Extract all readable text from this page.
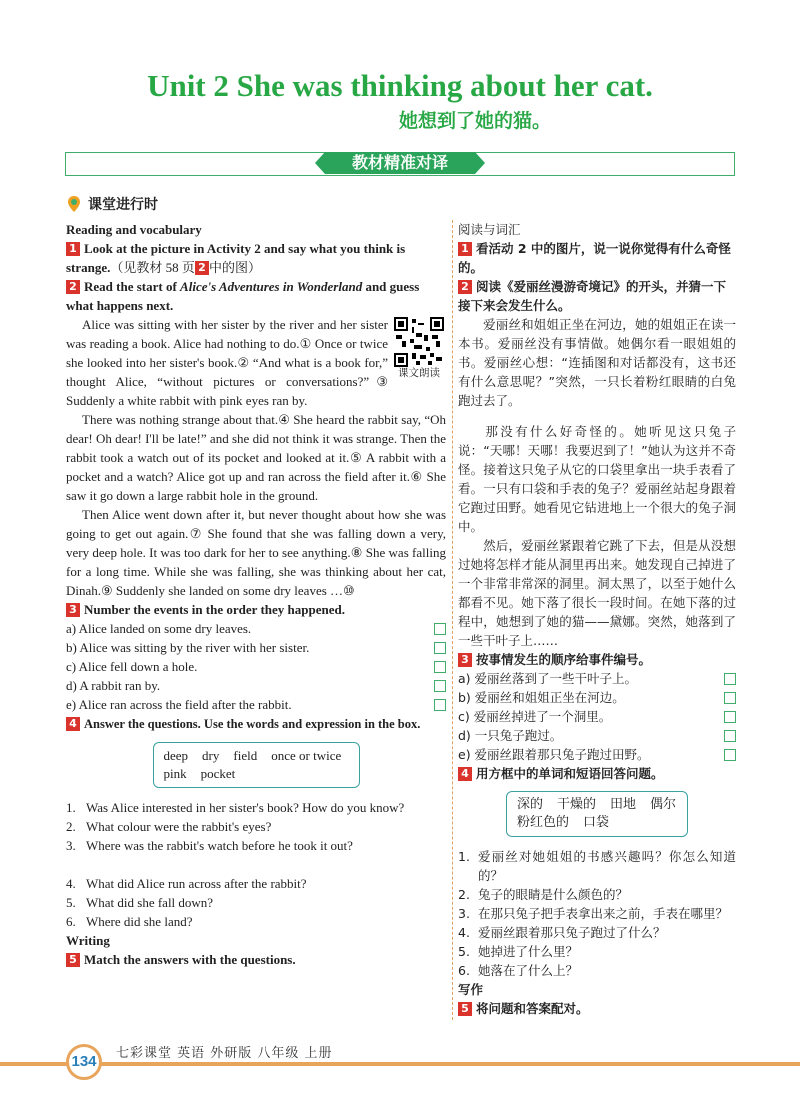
Unit 2 She was thinking about her cat.
她想到了她的猫。
教材精准对译
课堂进行时
Reading and vocabulary
1 Look at the picture in Activity 2 and say what you think is strange.（见教材 58 页 2 中的图）
2 Read the start of Alice's Adventures in Wonderland and guess what happens next.
课文朗读

Alice was sitting with her sister by the river and her sister was reading a book. Alice had nothing to do.① Once or twice she looked into her sister's book.② “And what is a book for,” thought Alice, “without pictures or conversations?”③ Suddenly a white rabbit with pink eyes ran by.

There was nothing strange about that.④ She heard the rabbit say, “Oh dear! Oh dear! I'll be late!” and she did not think it was strange. Then the rabbit took a watch out of its pocket and looked at it.⑤ A rabbit with a pocket and a watch? Alice got up and ran across the field after it.⑥ She saw it go down a large rabbit hole in the ground.

Then Alice went down after it, but never thought about how she was going to get out again.⑦ She found that she was falling down a very, very deep hole. It was too dark for her to see anything.⑧ She was falling for a long time. While she was falling, she was thinking about her cat, Dinah.⑨ Suddenly she landed on some dry leaves …⑩

3 Number the events in the order they happened.
a) Alice landed on some dry leaves.
b) Alice was sitting by the river with her sister.
c) Alice fell down a hole.
d) A rabbit ran by.
e) Alice ran across the field after the rabbit.
4 Answer the questions. Use the words and expression in the box.
deep dry field once or twice
pink pocket
1. Was Alice interested in her sister's book? How do you know?
2. What colour were the rabbit's eyes?
3. Where was the rabbit's watch before he took it out?
4. What did Alice run across after the rabbit?
5. What did she fall down?
6. Where did she land?
Writing
5 Match the answers with the questions.
阅读与词汇
1 看活动 2 中的图片，说一说你觉得有什么奇怪的。
2 阅读《爱丽丝漫游奇境记》的开头，并猜一下接下来会发生什么。

爱丽丝和姐姐正坐在河边，她的姐姐正在读一本书。爱丽丝没有事情做。她偶尔看一眼姐姐的书。爱丽丝心想：“连插图和对话都没有，这书还有什么意思呢？”突然，一只长着粉红眼睛的白兔跑过去了。

那没有什么好奇怪的。她听见这只兔子说：“天哪！天哪！我要迟到了！”她认为这并不奇怪。接着这只兔子从它的口袋里拿出一块手表看了看。一只有口袋和手表的兔子？爱丽丝站起身跟着它跑过田野。她看见它钻进地上一个很大的兔子洞中。

然后，爱丽丝紧跟着它跳了下去，但是从没想过她将怎样才能从洞里再出来。她发现自己掉进了一个非常非常深的洞里。洞太黑了，以至于她什么都看不见。她下落了很长一段时间。在她下落的过程中，她想到了她的猫——黛娜。突然，她落到了一些干叶子上……

3 按事情发生的顺序给事件编号。
a) 爱丽丝落到了一些干叶子上。
b) 爱丽丝和姐姐正坐在河边。
c) 爱丽丝掉进了一个洞里。
d) 一只兔子跑过。
e) 爱丽丝跟着那只兔子跑过田野。
4 用方框中的单词和短语回答问题。
深的 干燥的 田地 偶尔
粉红色的 口袋
1. 爱丽丝对她姐姐的书感兴趣吗？你怎么知道的？
2. 兔子的眼睛是什么颜色的？
3. 在那只兔子把手表拿出来之前，手表在哪里？
4. 爱丽丝跟着那只兔子跑过了什么？
5. 她掉进了什么里？
6. 她落在了什么上？
写作
5 将问题和答案配对。
134	七彩课堂 英语 外研版 八年级 上册
